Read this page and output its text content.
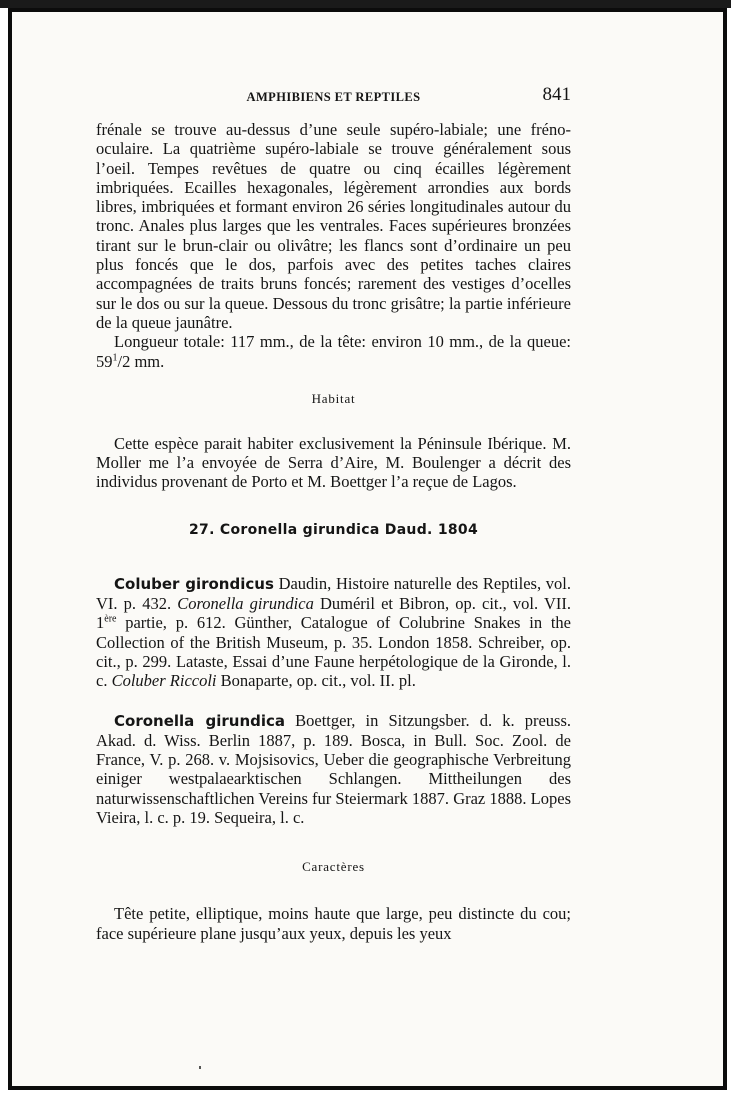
AMPHIBIENS ET REPTILES	841

frénale se trouve au-dessus d’une seule supéro-labiale; une fréno-oculaire. La quatrième supéro-labiale se trouve généralement sous l’oeil. Tempes revêtues de quatre ou cinq écailles légèrement imbriquées. Ecailles hexagonales, légèrement arrondies aux bords libres, imbriquées et formant environ 26 séries longitudinales autour du tronc. Anales plus larges que les ventrales. Faces supérieures bronzées tirant sur le brun-clair ou olivâtre; les flancs sont d’ordinaire un peu plus foncés que le dos, parfois avec des petites taches claires accompagnées de traits bruns foncés; rarement des vestiges d’ocelles sur le dos ou sur la queue. Dessous du tronc grisâtre; la partie inférieure de la queue jaunâtre.

Longueur totale: 117 mm., de la tête: environ 10 mm., de la queue: $59^1/2$ mm.

Habitat

Cette espèce parait habiter exclusivement la Péninsule Ibérique. M. Moller me l’a envoyée de Serra d’Aire, M. Boulenger a décrit des individus provenant de Porto et M. Boettger l’a reçue de Lagos.

27. Coronella girundica Daud. 1804

Coluber girondicus Daudin, Histoire naturelle des Reptiles, vol. VI. p. 432. Coronella girundica Duméril et Bibron, op. cit., vol. VII. 1ère partie, p. 612. Günther, Catalogue of Colubrine Snakes in the Collection of the British Museum, p. 35. London 1858. Schreiber, op. cit., p. 299. Lataste, Essai d’une Faune herpétologique de la Gironde, l. c. Coluber Riccoli Bonaparte, op. cit., vol. II. pl.

Coronella girundica Boettger, in Sitzungsber. d. k. preuss. Akad. d. Wiss. Berlin 1887, p. 189. Bosca, in Bull. Soc. Zool. de France, V. p. 268. v. Mojsisovics, Ueber die geographische Verbreitung einiger westpalaearktischen Schlangen. Mittheilungen des naturwissenschaftlichen Vereins fur Steiermark 1887. Graz 1888. Lopes Vieira, l. c. p. 19. Sequeira, l. c.

Caractères

Tête petite, elliptique, moins haute que large, peu distincte du cou; face supérieure plane jusqu’aux yeux, depuis les yeux
